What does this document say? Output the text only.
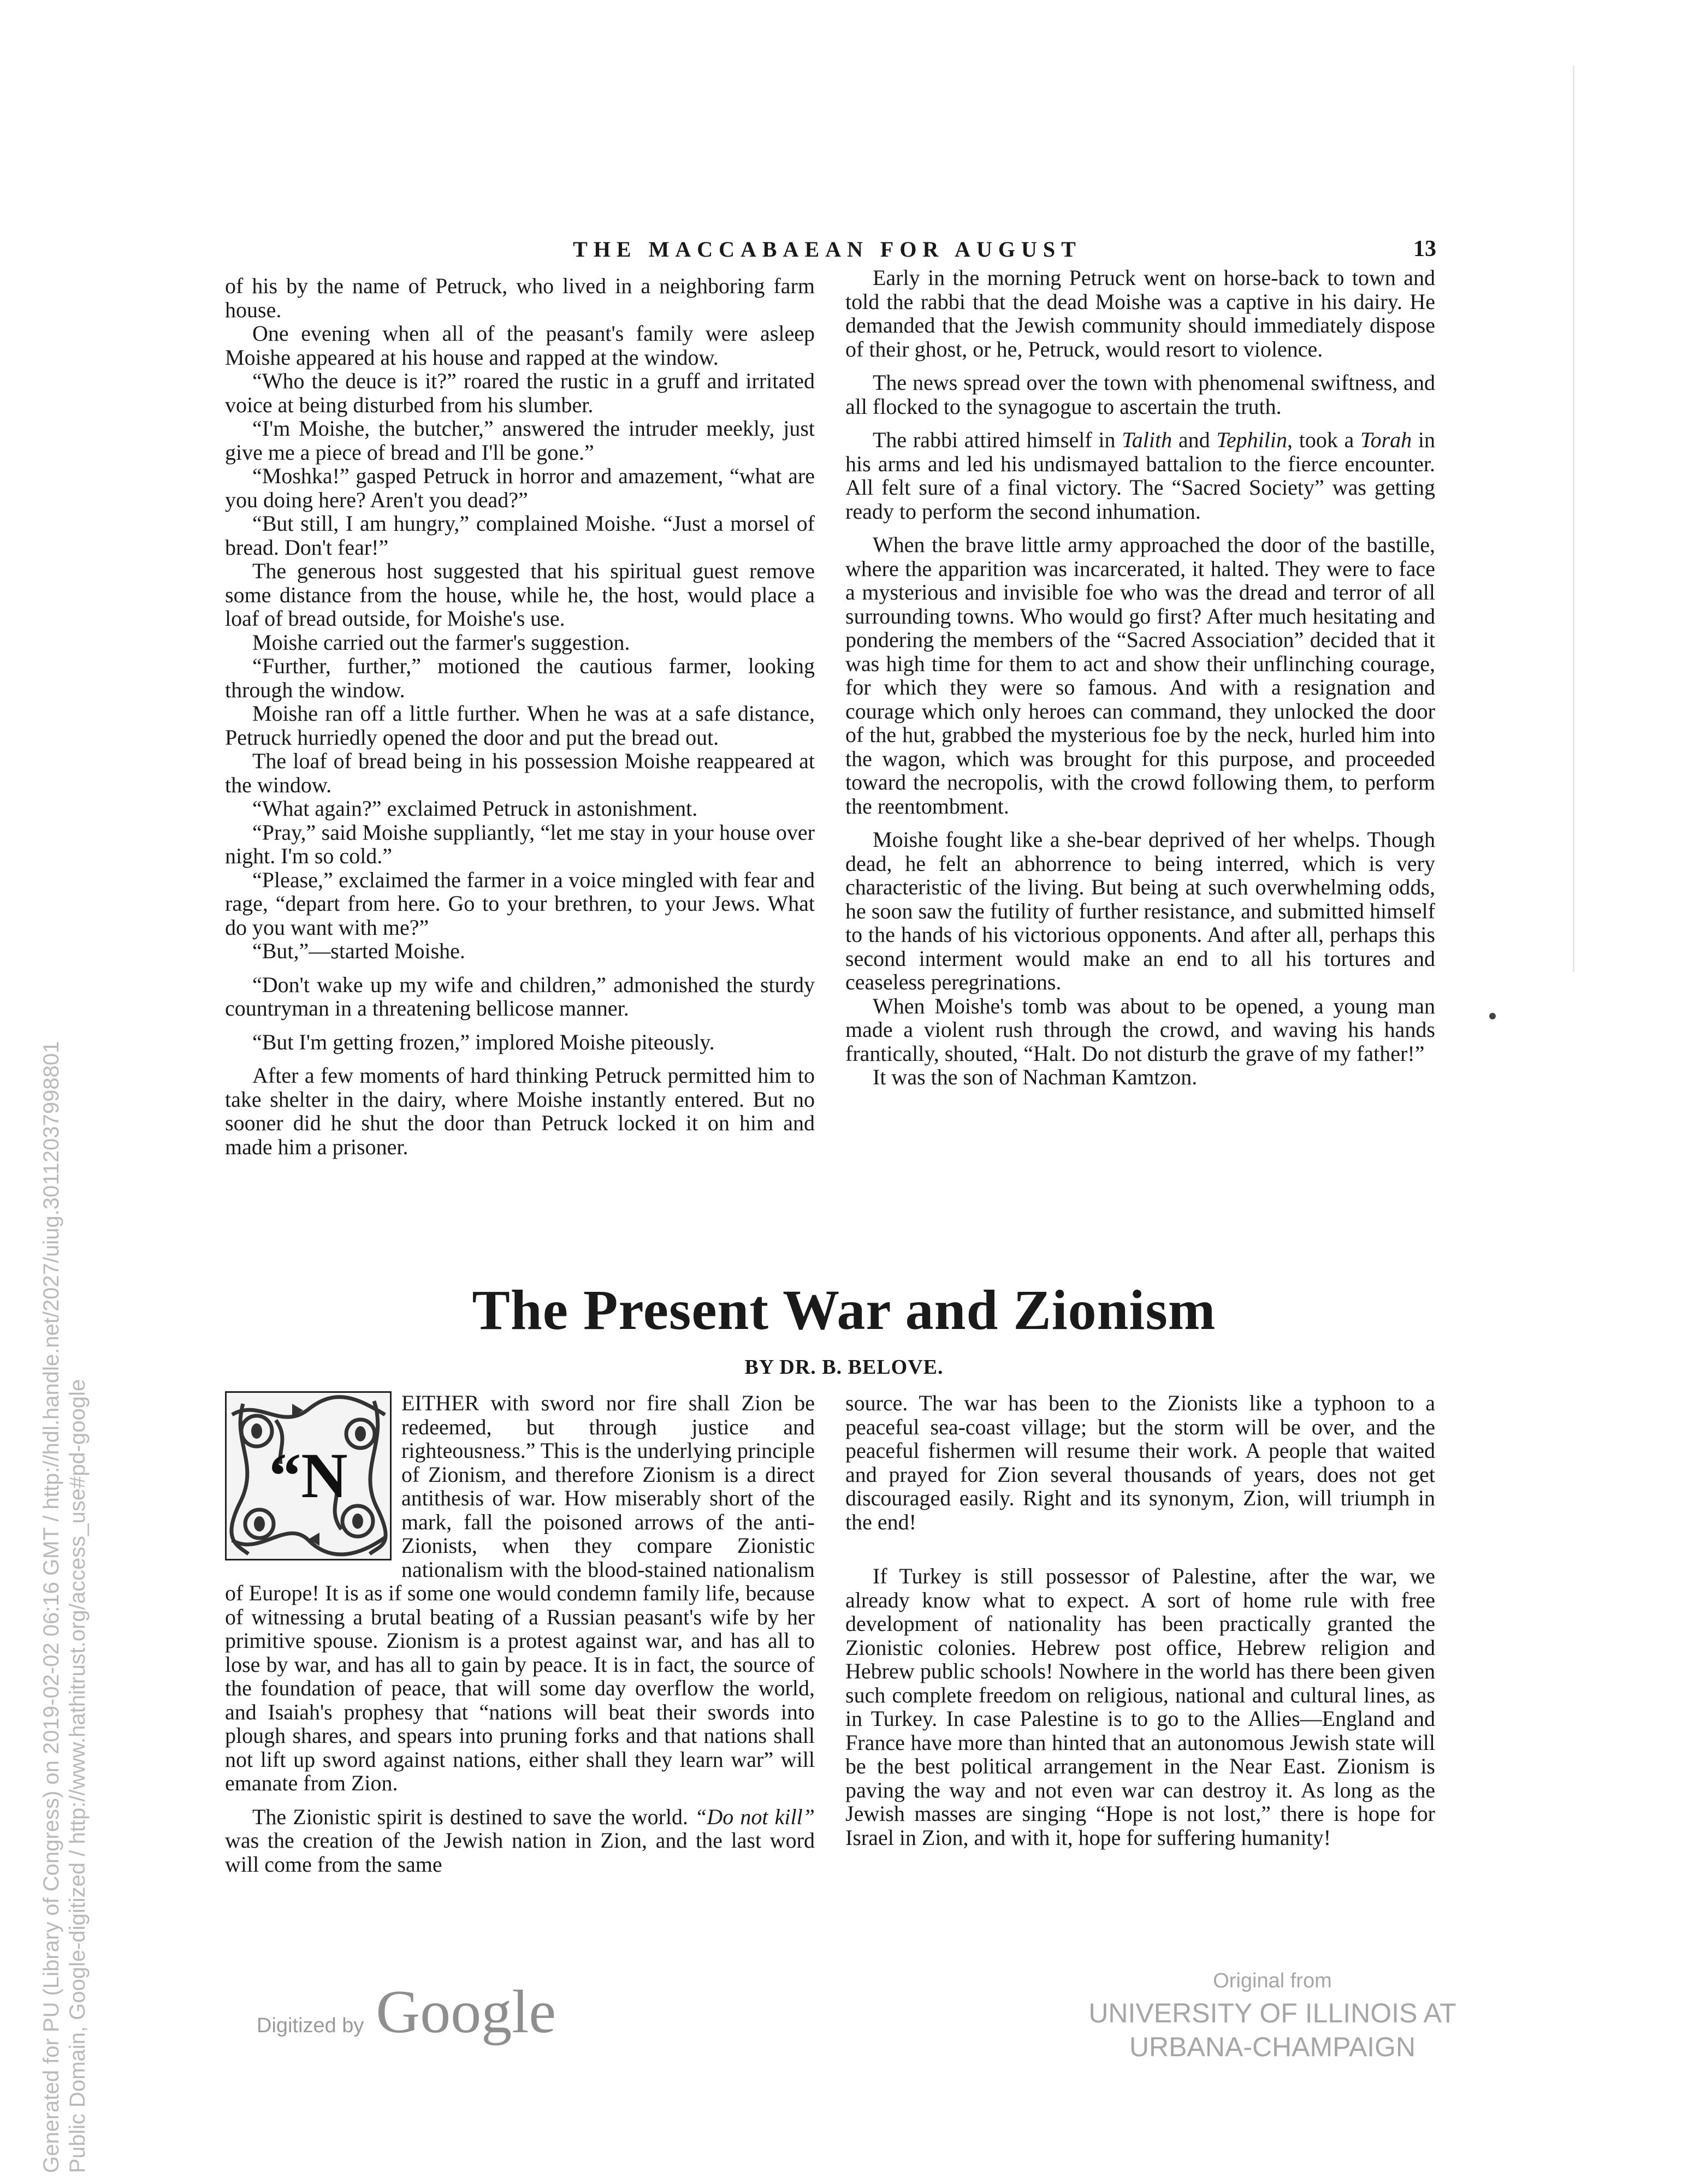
THE MACCABAEAN FOR AUGUST	13

of his by the name of Petruck, who lived in a neighboring farm house.

One evening when all of the peasant's family were asleep Moishe appeared at his house and rapped at the window.

“Who the deuce is it?” roared the rustic in a gruff and irritated voice at being disturbed from his slumber.

“I'm Moishe, the butcher,” answered the intruder meekly, just give me a piece of bread and I'll be gone.”

“Moshka!” gasped Petruck in horror and amazement, “what are you doing here? Aren't you dead?”

“But still, I am hungry,” complained Moishe. “Just a morsel of bread. Don't fear!”

The generous host suggested that his spiritual guest remove some distance from the house, while he, the host, would place a loaf of bread outside, for Moishe's use.

Moishe carried out the farmer's suggestion.

“Further, further,” motioned the cautious farmer, looking through the window.

Moishe ran off a little further. When he was at a safe distance, Petruck hurriedly opened the door and put the bread out.

The loaf of bread being in his possession Moishe reappeared at the window.

“What again?” exclaimed Petruck in astonishment.

“Pray,” said Moishe suppliantly, “let me stay in your house over night. I'm so cold.”

“Please,” exclaimed the farmer in a voice mingled with fear and rage, “depart from here. Go to your brethren, to your Jews. What do you want with me?”

“But,”—started Moishe.

“Don't wake up my wife and children,” admonished the sturdy countryman in a threatening bellicose manner.

“But I'm getting frozen,” implored Moishe piteously.

After a few moments of hard thinking Petruck permitted him to take shelter in the dairy, where Moishe instantly entered. But no sooner did he shut the door than Petruck locked it on him and made him a prisoner.

Early in the morning Petruck went on horse-back to town and told the rabbi that the dead Moishe was a captive in his dairy. He demanded that the Jewish community should immediately dispose of their ghost, or he, Petruck, would resort to violence.

The news spread over the town with phenomenal swiftness, and all flocked to the synagogue to ascertain the truth.

The rabbi attired himself in Talith and Tephilin, took a Torah in his arms and led his undismayed battalion to the fierce encounter. All felt sure of a final victory. The “Sacred Society” was getting ready to perform the second inhumation.

When the brave little army approached the door of the bastille, where the apparition was incarcerated, it halted. They were to face a mysterious and invisible foe who was the dread and terror of all surrounding towns. Who would go first? After much hesitating and pondering the members of the “Sacred Association” decided that it was high time for them to act and show their unflinching courage, for which they were so famous. And with a resignation and courage which only heroes can command, they unlocked the door of the hut, grabbed the mysterious foe by the neck, hurled him into the wagon, which was brought for this purpose, and proceeded toward the necropolis, with the crowd following them, to perform the reentombment.

Moishe fought like a she-bear deprived of her whelps. Though dead, he felt an abhorrence to being interred, which is very characteristic of the living. But being at such overwhelming odds, he soon saw the futility of further resistance, and submitted himself to the hands of his victorious opponents. And after all, perhaps this second interment would make an end to all his tortures and ceaseless peregrinations.

When Moishe's tomb was about to be opened, a young man made a violent rush through the crowd, and waving his hands frantically, shouted, “Halt. Do not disturb the grave of my father!”

It was the son of Nachman Kamtzon.

The Present War and Zionism
BY DR. B. BELOVE.
“N

EITHER with sword nor fire shall Zion be redeemed, but through justice and righteousness.” This is the underlying principle of Zionism, and therefore Zionism is a direct antithesis of war. How miserably short of the mark, fall the poisoned arrows of the anti-Zionists, when they compare Zionistic nationalism with the blood-stained nationalism of Europe! It is as if some one would condemn family life, because of witnessing a brutal beating of a Russian peasant's wife by her primitive spouse. Zionism is a protest against war, and has all to lose by war, and has all to gain by peace. It is in fact, the source of the foundation of peace, that will some day overflow the world, and Isaiah's prophesy that “nations will beat their swords into plough shares, and spears into pruning forks and that nations shall not lift up sword against nations, either shall they learn war” will emanate from Zion.

The Zionistic spirit is destined to save the world. “Do not kill” was the creation of the Jewish nation in Zion, and the last word will come from the same

source. The war has been to the Zionists like a typhoon to a peaceful sea-coast village; but the storm will be over, and the peaceful fishermen will resume their work. A people that waited and prayed for Zion several thousands of years, does not get discouraged easily. Right and its synonym, Zion, will triumph in the end!

If Turkey is still possessor of Palestine, after the war, we already know what to expect. A sort of home rule with free development of nationality has been practically granted the Zionistic colonies. Hebrew post office, Hebrew religion and Hebrew public schools! Nowhere in the world has there been given such complete freedom on religious, national and cultural lines, as in Turkey. In case Palestine is to go to the Allies—England and France have more than hinted that an autonomous Jewish state will be the best political arrangement in the Near East. Zionism is paving the way and not even war can destroy it. As long as the Jewish masses are singing “Hope is not lost,” there is hope for Israel in Zion, and with it, hope for suffering humanity!

Digitized by Google	Original from
UNIVERSITY OF ILLINOIS AT
URBANA-CHAMPAIGN
Generated for PU (Library of Congress) on 2019-02-02 06:16 GMT / http://hdl.handle.net/2027/uiug.30112037998801 Public Domain, Google-digitized / http://www.hathitrust.org/access_use#pd-google
